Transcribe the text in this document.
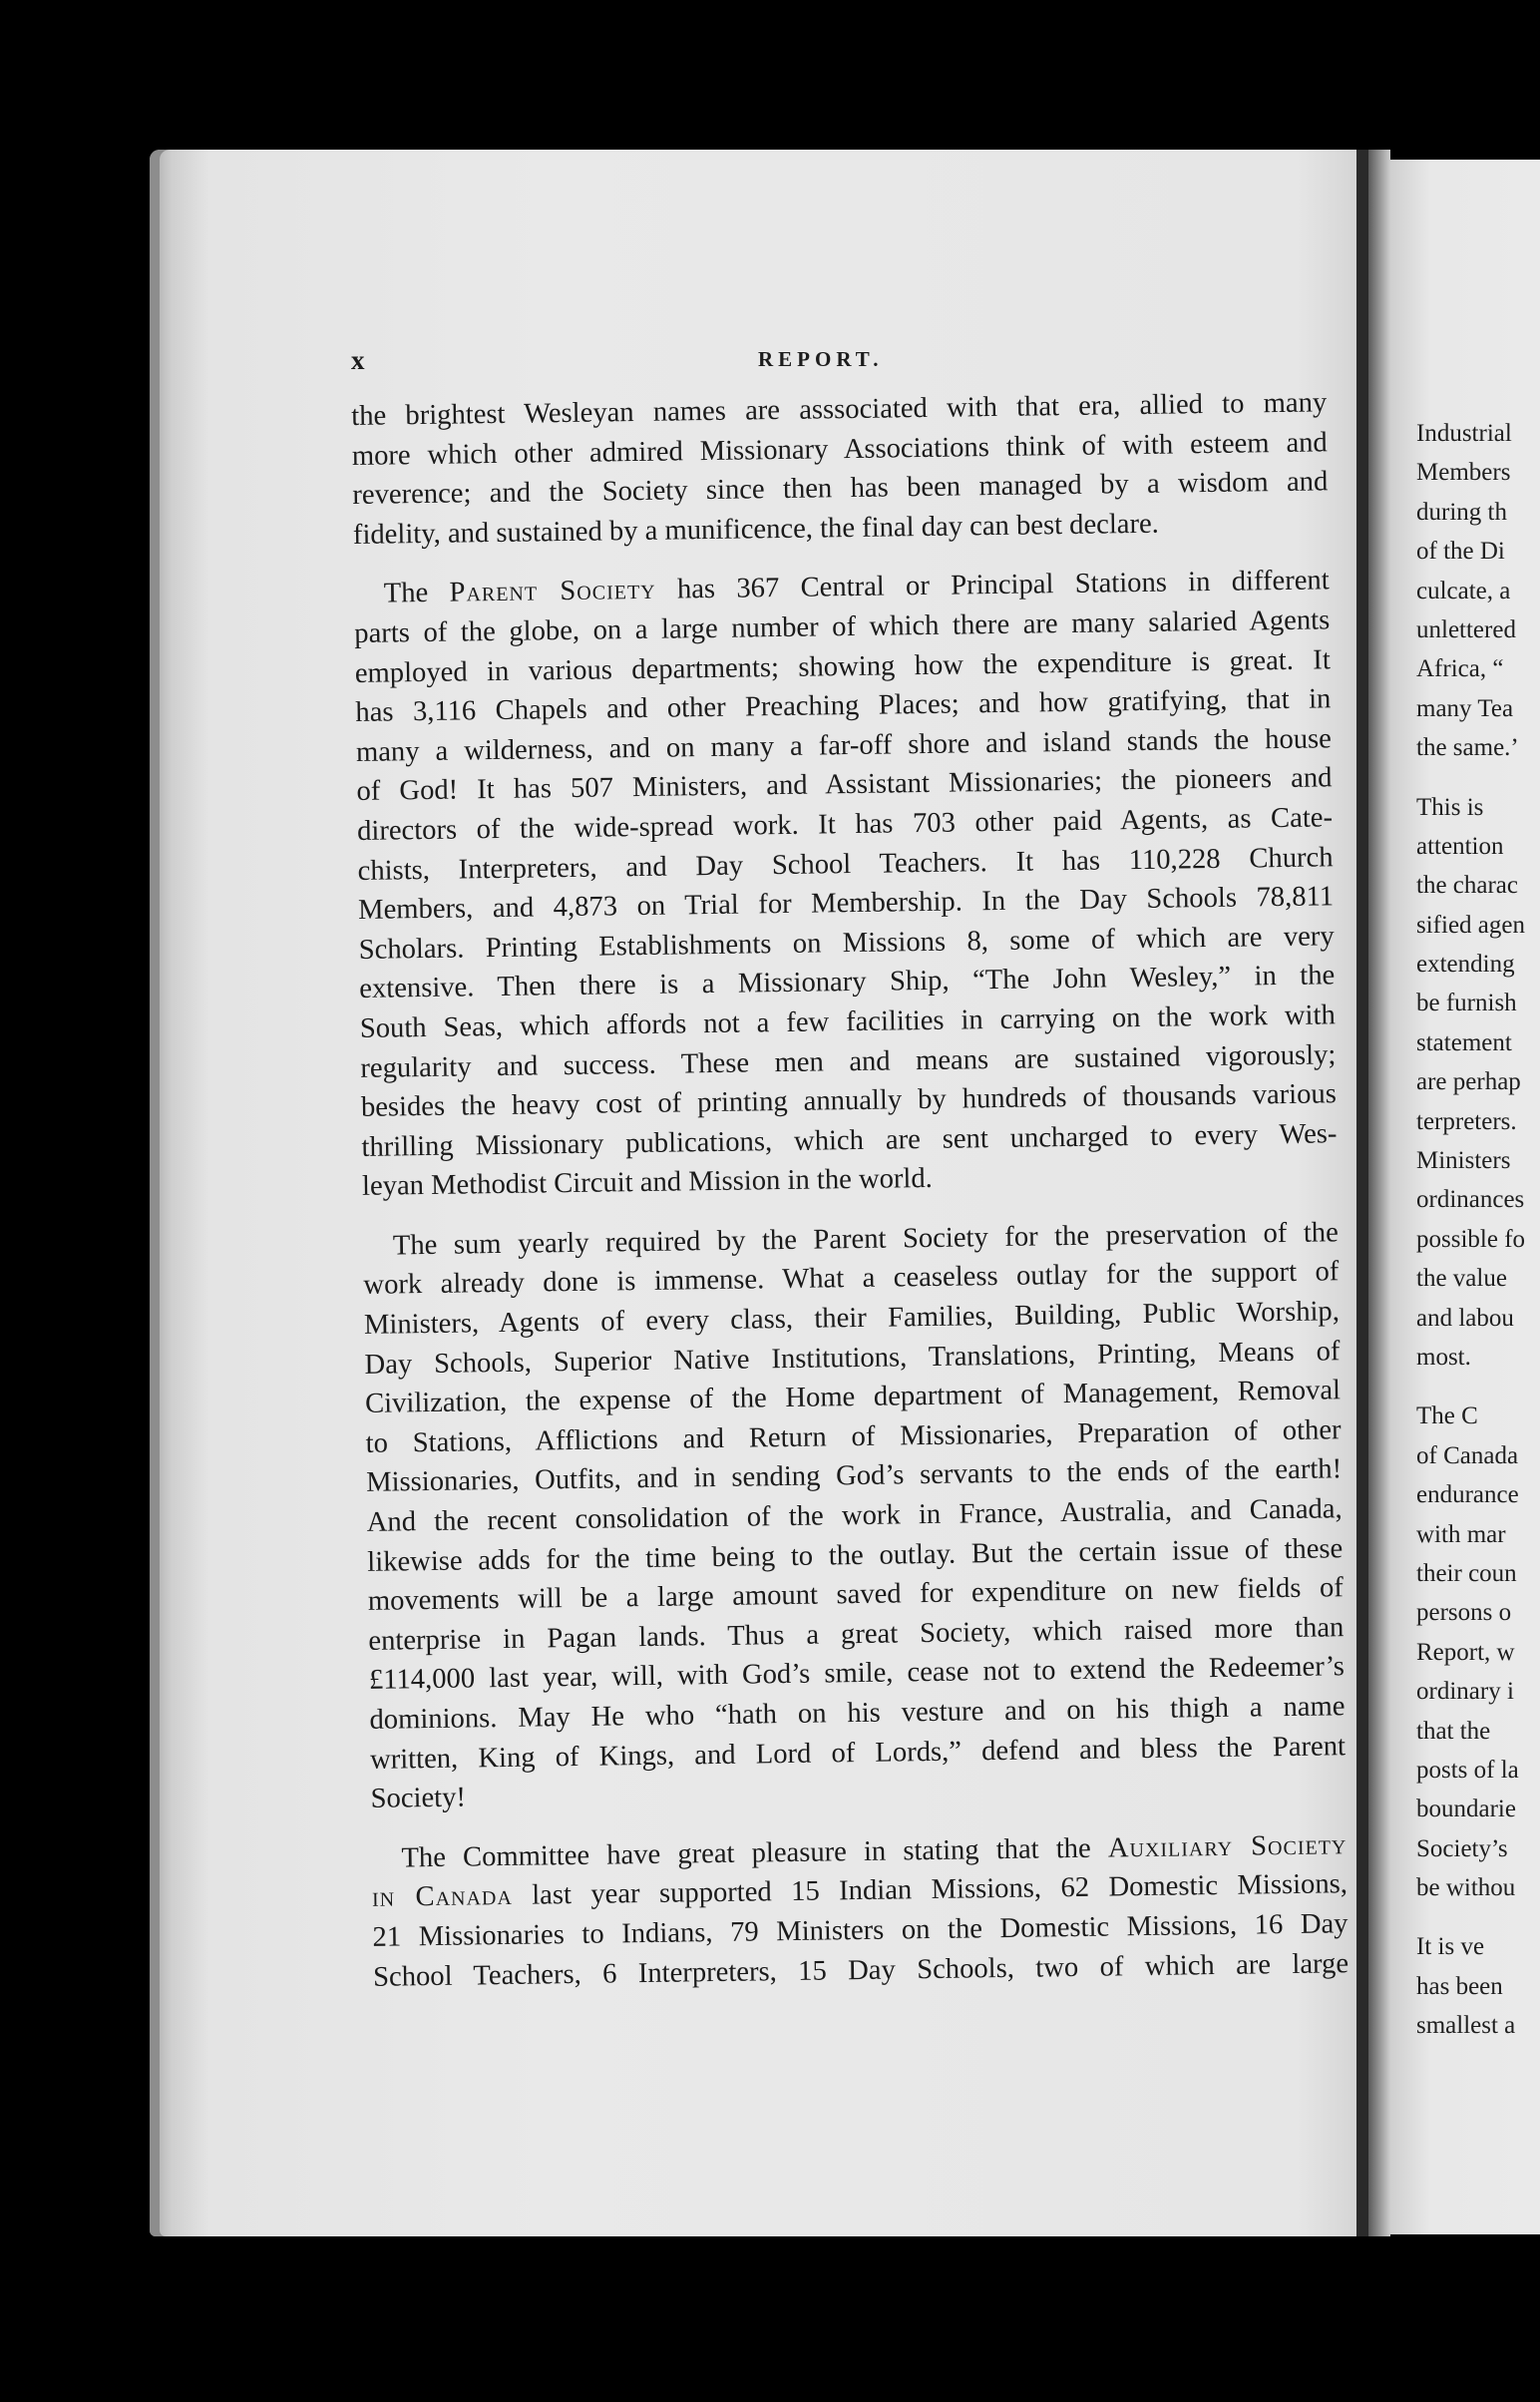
Industrial
Members
during th
of the Di
culcate, a
unlettered
Africa, “
many Tea
the same.’
This is
attention
the charac
sified agen
extending
be furnish
statement
are perhap
terpreters.
Ministers
ordinances
possible fo
the value
and labou
most.
The C
of Canada
endurance
with mar
their coun
persons o
Report, w
ordinary i
that the
posts of la
boundarie
Society’s
be withou
It is ve
has been
smallest a
x	REPORT.
the brightest Wesleyan names are asssociated with that era, allied to many
more which other admired Missionary Associations think of with esteem and
reverence; and the Society since then has been managed by a wisdom and
fidelity, and sustained by a munificence, the final day can best declare.
The Parent Society has 367 Central or Principal Stations in different
parts of the globe, on a large number of which there are many salaried Agents
employed in various departments; showing how the expenditure is great. It
has 3,116 Chapels and other Preaching Places; and how gratifying, that in
many a wilderness, and on many a far-off shore and island stands the house
of God! It has 507 Ministers, and Assistant Missionaries; the pioneers and
directors of the wide-spread work. It has 703 other paid Agents, as Cate-
chists, Interpreters, and Day School Teachers. It has 110,228 Church
Members, and 4,873 on Trial for Membership. In the Day Schools 78,811
Scholars. Printing Establishments on Missions 8, some of which are very
extensive. Then there is a Missionary Ship, “The John Wesley,” in the
South Seas, which affords not a few facilities in carrying on the work with
regularity and success. These men and means are sustained vigorously;
besides the heavy cost of printing annually by hundreds of thousands various
thrilling Missionary publications, which are sent uncharged to every Wes-
leyan Methodist Circuit and Mission in the world.
The sum yearly required by the Parent Society for the preservation of the
work already done is immense. What a ceaseless outlay for the support of
Ministers, Agents of every class, their Families, Building, Public Worship,
Day Schools, Superior Native Institutions, Translations, Printing, Means of
Civilization, the expense of the Home department of Management, Removal
to Stations, Afflictions and Return of Missionaries, Preparation of other
Missionaries, Outfits, and in sending God’s servants to the ends of the earth!
And the recent consolidation of the work in France, Australia, and Canada,
likewise adds for the time being to the outlay. But the certain issue of these
movements will be a large amount saved for expenditure on new fields of
enterprise in Pagan lands. Thus a great Society, which raised more than
£114,000 last year, will, with God’s smile, cease not to extend the Redeemer’s
dominions. May He who “hath on his vesture and on his thigh a name
written, King of Kings, and Lord of Lords,” defend and bless the Parent
Society!
The Committee have great pleasure in stating that the Auxiliary Society
in Canada last year supported 15 Indian Missions, 62 Domestic Missions,
21 Missionaries to Indians, 79 Ministers on the Domestic Missions, 16 Day
School Teachers, 6 Interpreters, 15 Day Schools, two of which are large
